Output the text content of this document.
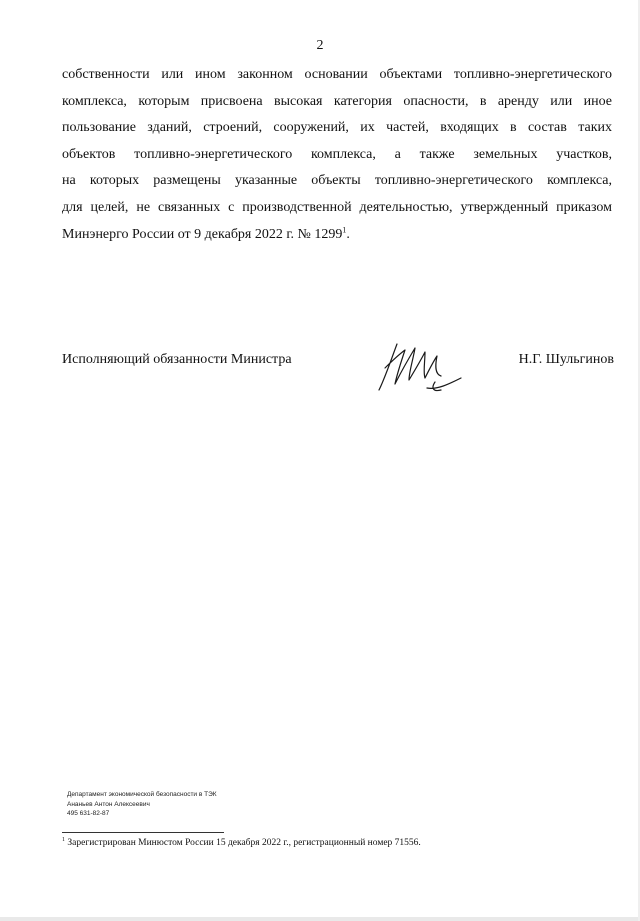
2
собственности или ином законном основании объектами топливно-энергетического
комплекса, которым присвоена высокая категория опасности, в аренду или иное
пользование зданий, строений, сооружений, их частей, входящих в состав таких
объектов топливно-энергетического комплекса, а также земельных участков,
на которых размещены указанные объекты топливно-энергетического комплекса,
для целей, не связанных с производственной деятельностью, утвержденный приказом
Минэнерго России от 9 декабря 2022 г. № 1299$^1$.
Исполняющий обязанности Министра	Н.Г. Шульгинов
Департамент экономической безопасности в ТЭК
Ананьев Антон Алексеевич
495 631-82-87
$^1$ Зарегистрирован Минюстом России 15 декабря 2022 г., регистрационный номер 71556.
